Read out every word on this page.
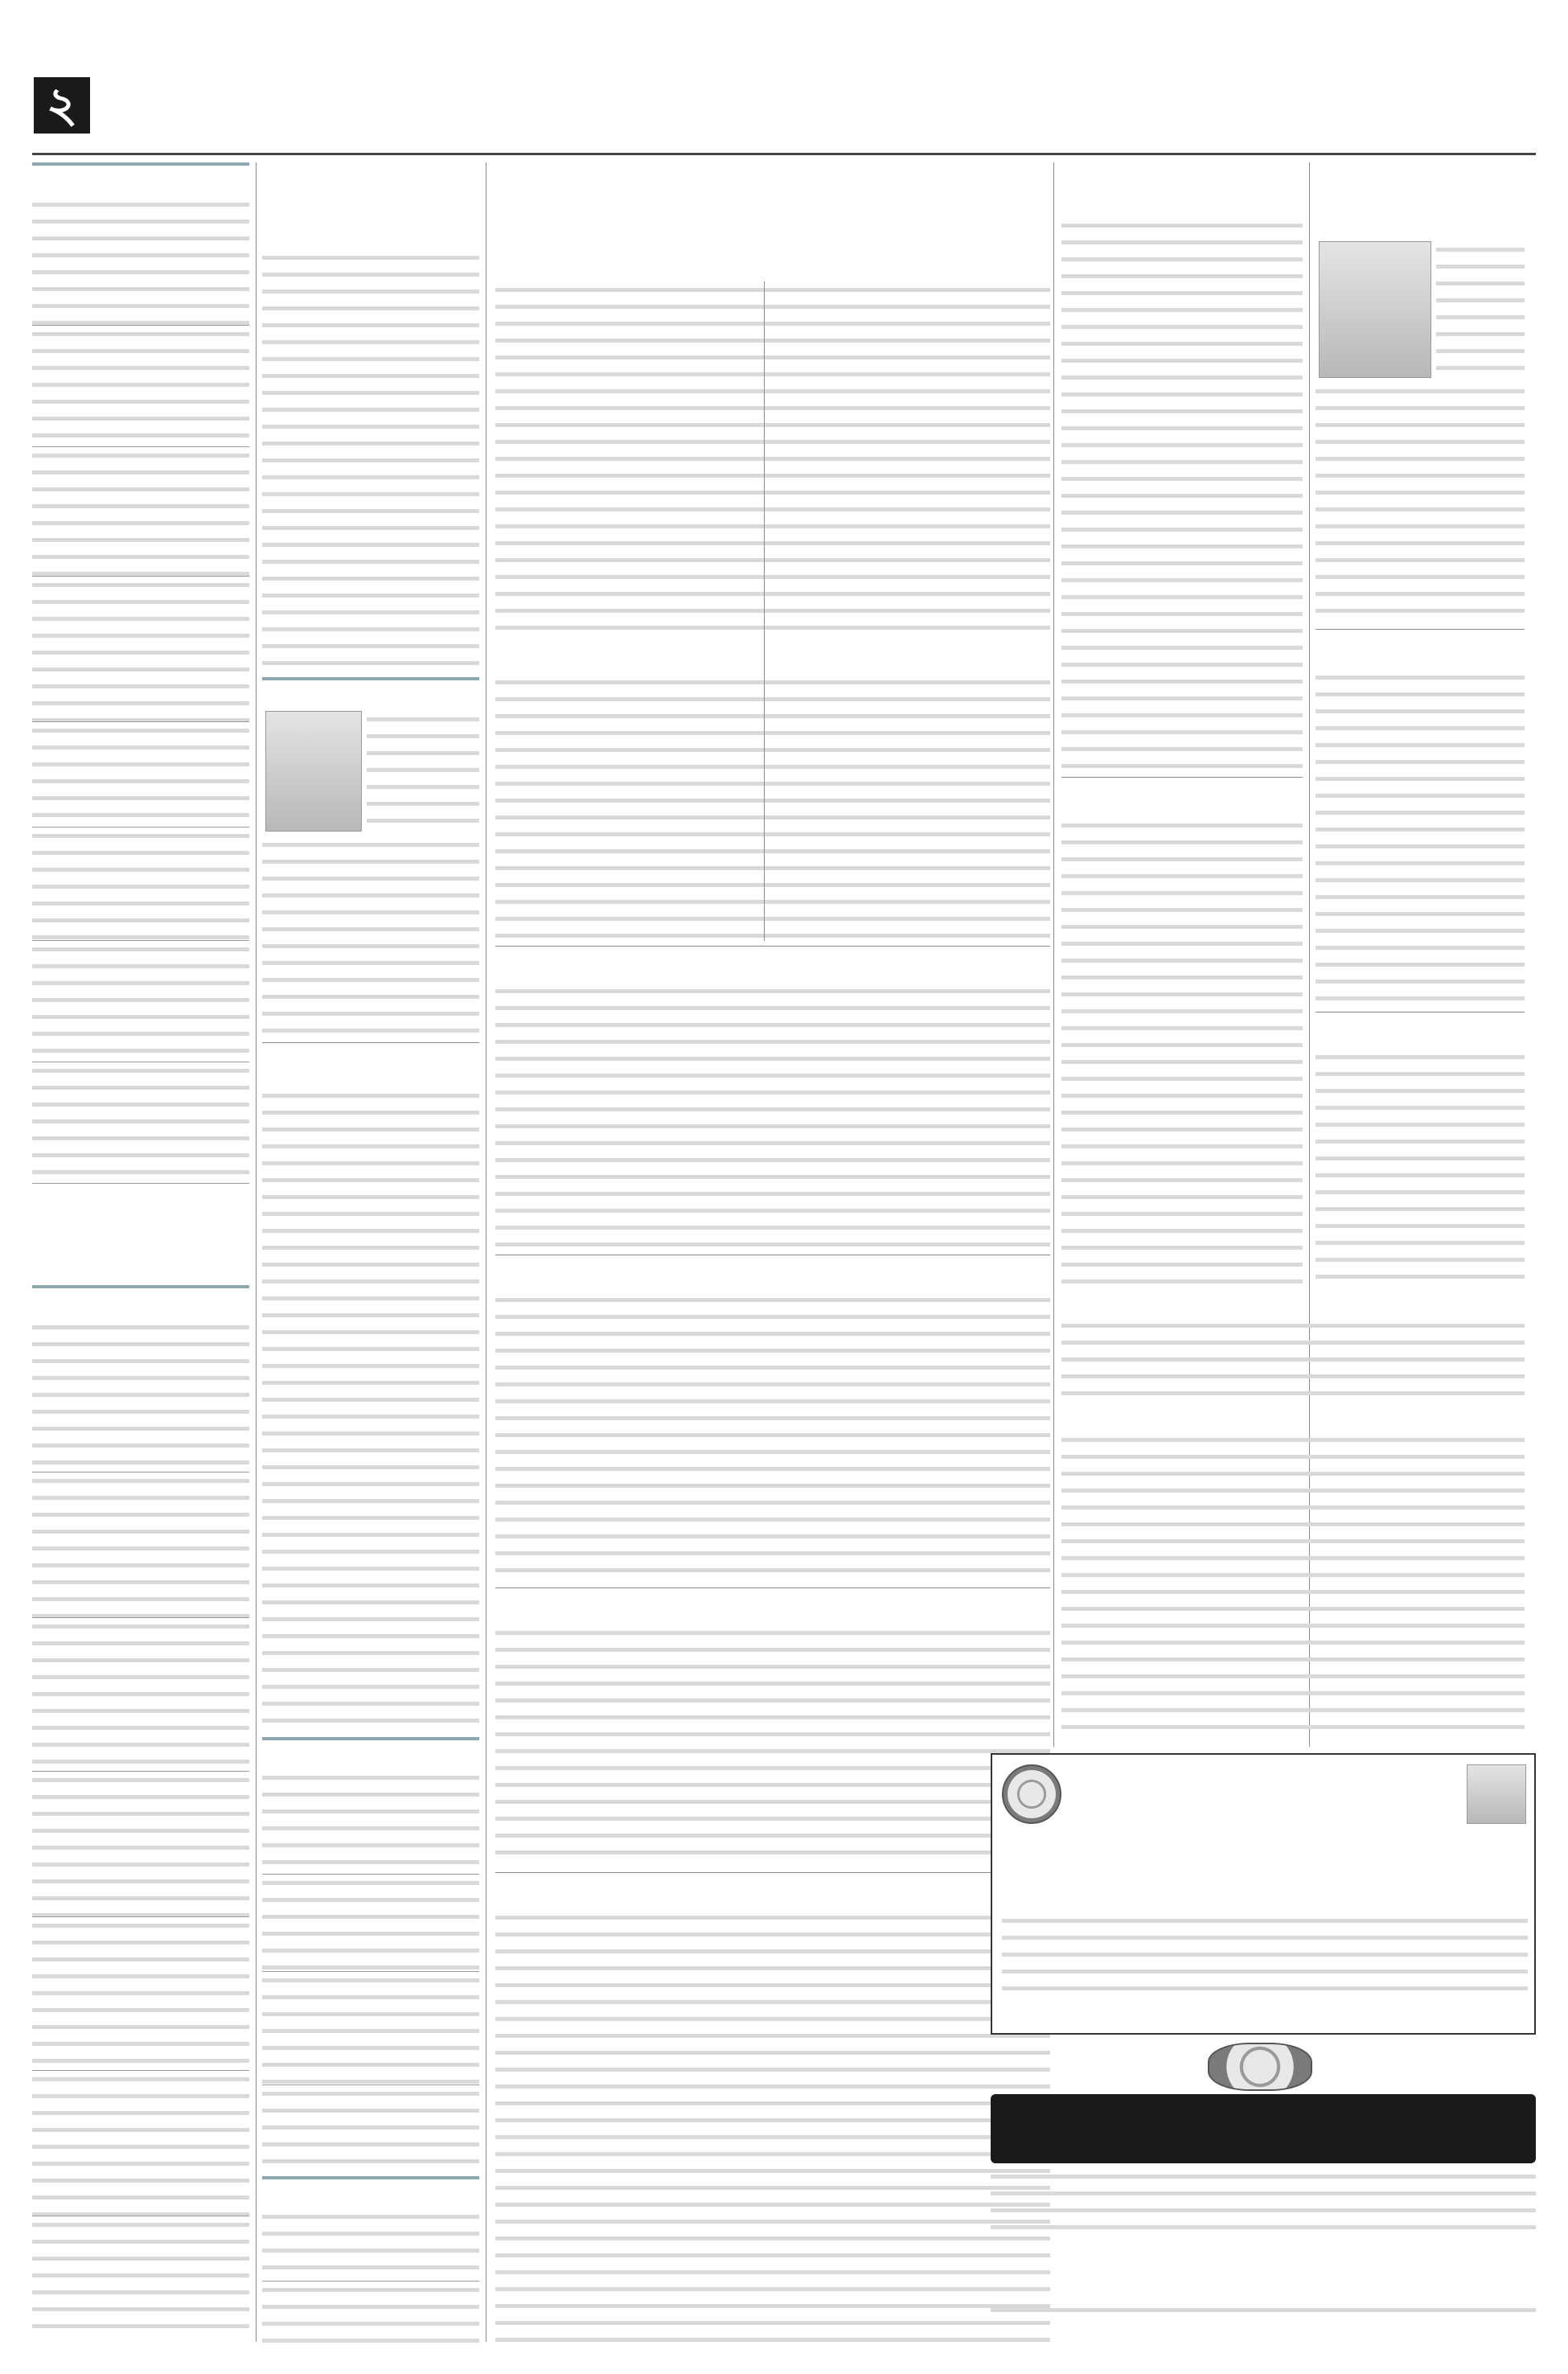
২
